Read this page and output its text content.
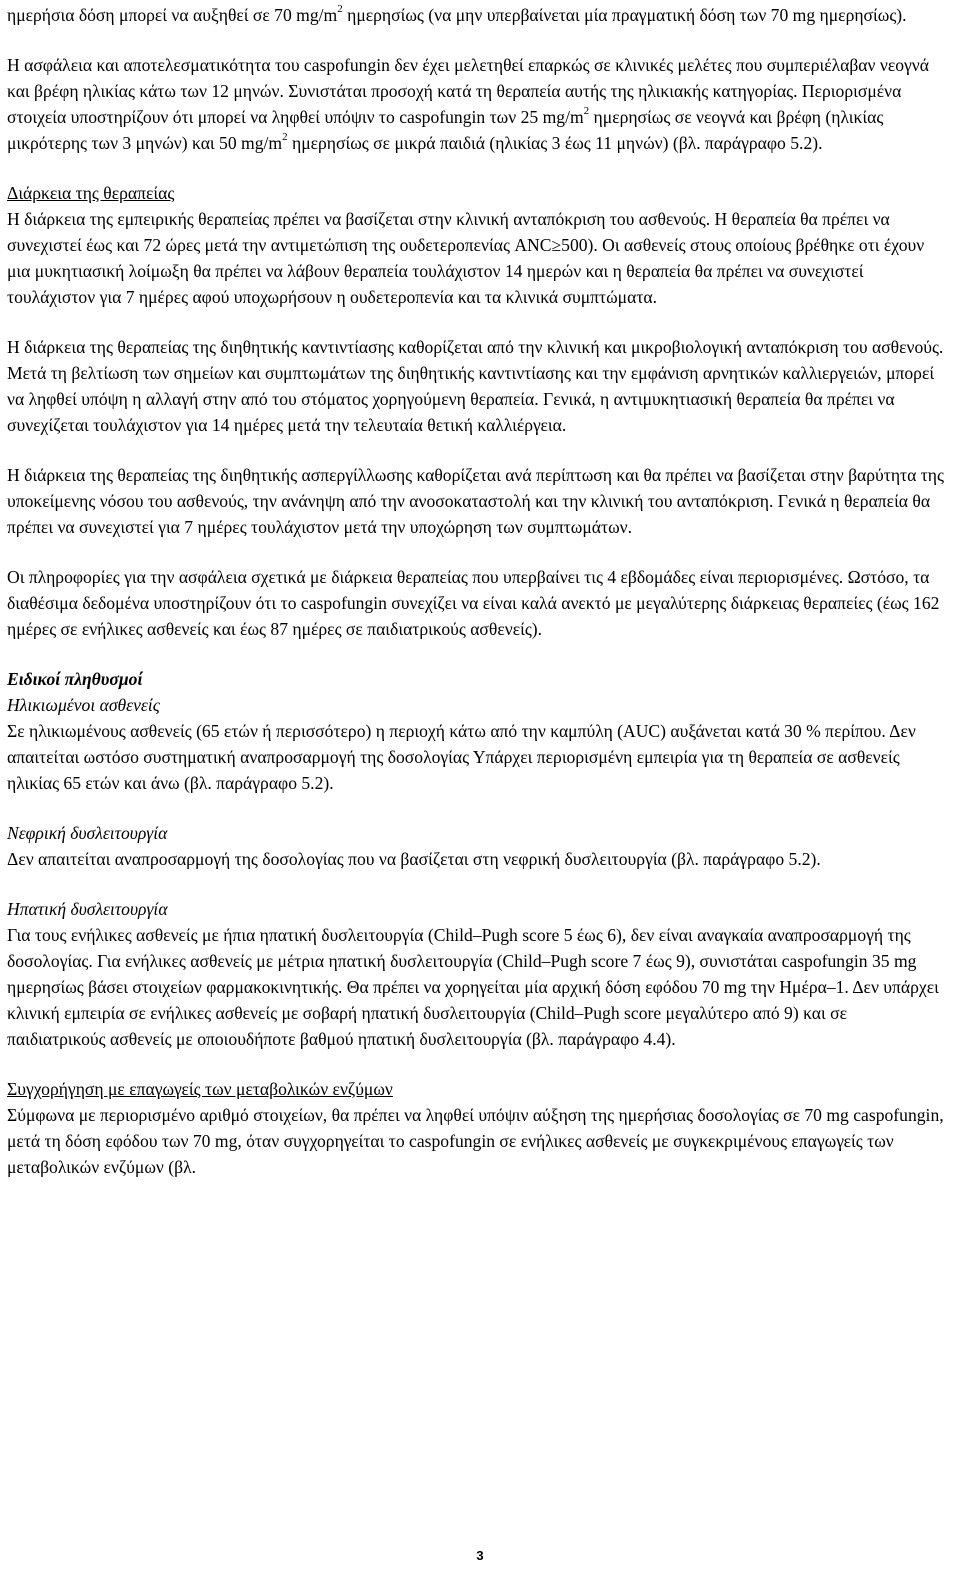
ημερήσια δόση μπορεί να αυξηθεί σε 70 $mg/m^2$ ημερησίως (να μην υπερβαίνεται μία πραγματική δόση των 70 mg ημερησίως).

Η ασφάλεια και αποτελεσματικότητα του caspofungin δεν έχει μελετηθεί επαρκώς σε κλινικές μελέτες που συμπεριέλαβαν νεογνά και βρέφη ηλικίας κάτω των 12 μηνών. Συνιστάται προσοχή κατά τη θεραπεία αυτής της ηλικιακής κατηγορίας. Περιορισμένα στοιχεία υποστηρίζουν ότι μπορεί να ληφθεί υπόψιν το caspofungin των 25 $mg/m^2$ ημερησίως σε νεογνά και βρέφη (ηλικίας μικρότερης των 3 μηνών) και 50 $mg/m^2$ ημερησίως σε μικρά παιδιά (ηλικίας 3 έως 11 μηνών) (βλ. παράγραφο 5.2).

Διάρκεια της θεραπείας

Η διάρκεια της εμπειρικής θεραπείας πρέπει να βασίζεται στην κλινική ανταπόκριση του ασθενούς. Η θεραπεία θα πρέπει να συνεχιστεί έως και 72 ώρες μετά την αντιμετώπιση της ουδετεροπενίας ANC≥500). Οι ασθενείς στους οποίους βρέθηκε οτι έχουν μια μυκητιασική λοίμωξη θα πρέπει να λάβουν θεραπεία τουλάχιστον 14 ημερών και η θεραπεία θα πρέπει να συνεχιστεί τουλάχιστον για 7 ημέρες αφού υποχωρήσουν η ουδετεροπενία και τα κλινικά συμπτώματα.

Η διάρκεια της θεραπείας της διηθητικής καντιντίασης καθορίζεται από την κλινική και μικροβιολογική ανταπόκριση του ασθενούς. Μετά τη βελτίωση των σημείων και συμπτωμάτων της διηθητικής καντιντίασης και την εμφάνιση αρνητικών καλλιεργειών, μπορεί να ληφθεί υπόψη η αλλαγή στην από του στόματος χορηγούμενη θεραπεία. Γενικά, η αντιμυκητιασική θεραπεία θα πρέπει να συνεχίζεται τουλάχιστον για 14 ημέρες μετά την τελευταία θετική καλλιέργεια.

Η διάρκεια της θεραπείας της διηθητικής ασπεργίλλωσης καθορίζεται ανά περίπτωση και θα πρέπει να βασίζεται στην βαρύτητα της υποκείμενης νόσου του ασθενούς, την ανάνηψη από την ανοσοκαταστολή και την κλινική του ανταπόκριση. Γενικά η θεραπεία θα πρέπει να συνεχιστεί για 7 ημέρες τουλάχιστον μετά την υποχώρηση των συμπτωμάτων.

Οι πληροφορίες για την ασφάλεια σχετικά με διάρκεια θεραπείας που υπερβαίνει τις 4 εβδομάδες είναι περιορισμένες. Ωστόσο, τα διαθέσιμα δεδομένα υποστηρίζουν ότι το caspofungin συνεχίζει να είναι καλά ανεκτό με μεγαλύτερης διάρκειας θεραπείες (έως 162 ημέρες σε ενήλικες ασθενείς και έως 87 ημέρες σε παιδιατρικούς ασθενείς).

Ειδικοί πληθυσμοί

Ηλικιωμένοι ασθενείς

Σε ηλικιωμένους ασθενείς (65 ετών ή περισσότερο) η περιοχή κάτω από την καμπύλη (AUC) αυξάνεται κατά 30 % περίπου. Δεν απαιτείται ωστόσο συστηματική αναπροσαρμογή της δοσολογίας Υπάρχει περιορισμένη εμπειρία για τη θεραπεία σε ασθενείς ηλικίας 65 ετών και άνω (βλ. παράγραφο 5.2).

Νεφρική δυσλειτουργία

Δεν απαιτείται αναπροσαρμογή της δοσολογίας που να βασίζεται στη νεφρική δυσλειτουργία (βλ. παράγραφο 5.2).

Ηπατική δυσλειτουργία

Για τους ενήλικες ασθενείς με ήπια ηπατική δυσλειτουργία (Child–Pugh score 5 έως 6), δεν είναι αναγκαία αναπροσαρμογή της δοσολογίας. Για ενήλικες ασθενείς με μέτρια ηπατική δυσλειτουργία (Child–Pugh score 7 έως 9), συνιστάται caspofungin 35 mg ημερησίως βάσει στοιχείων φαρμακοκινητικής. Θα πρέπει να χορηγείται μία αρχική δόση εφόδου 70 mg την Ημέρα–1. Δεν υπάρχει κλινική εμπειρία σε ενήλικες ασθενείς με σοβαρή ηπατική δυσλειτουργία (Child–Pugh score μεγαλύτερο από 9) και σε παιδιατρικούς ασθενείς με οποιουδήποτε βαθμού ηπατική δυσλειτουργία (βλ. παράγραφο 4.4).

Συγχορήγηση με επαγωγείς των μεταβολικών ενζύμων

Σύμφωνα με περιορισμένο αριθμό στοιχείων, θα πρέπει να ληφθεί υπόψιν αύξηση της ημερήσιας δοσολογίας σε 70 mg caspofungin, μετά τη δόση εφόδου των 70 mg, όταν συγχορηγείται το caspofungin σε ενήλικες ασθενείς με συγκεκριμένους επαγωγείς των μεταβολικών ενζύμων (βλ.

3
